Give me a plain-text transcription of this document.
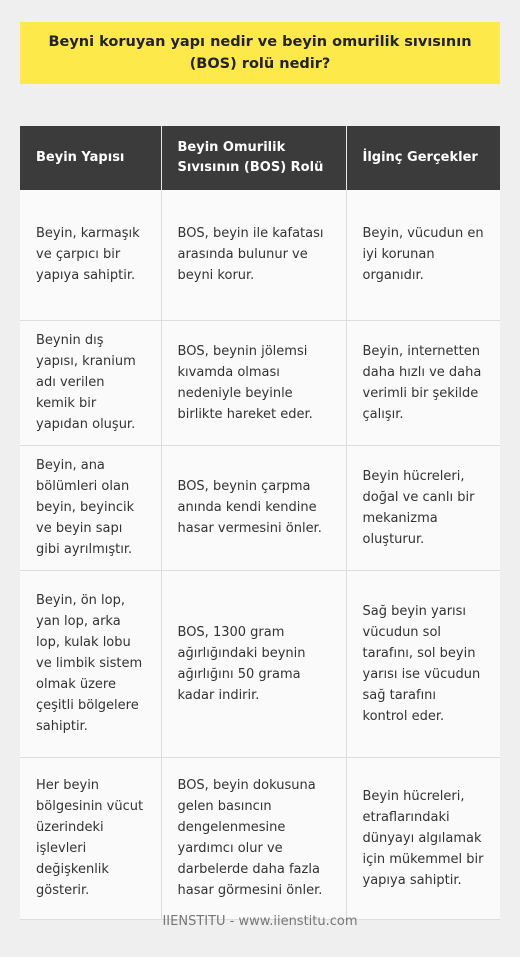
Beyni koruyan yapı nedir ve beyin omurilik sıvısının (BOS) rolü nedir?
Beyin Yapısı	Beyin Omurilik Sıvısının (BOS) Rolü	İlginç Gerçekler
Beyin, karmaşık ve çarpıcı bir yapıya sahiptir.	BOS, beyin ile kafatası arasında bulunur ve beyni korur.	Beyin, vücudun en iyi korunan organıdır.
Beynin dış yapısı, kranium adı verilen kemik bir yapıdan oluşur.	BOS, beynin jölemsi kıvamda olması nedeniyle beyinle birlikte hareket eder.	Beyin, internetten daha hızlı ve daha verimli bir şekilde çalışır.
Beyin, ana bölümleri olan beyin, beyincik ve beyin sapı gibi ayrılmıştır.	BOS, beynin çarpma anında kendi kendine hasar vermesini önler.	Beyin hücreleri, doğal ve canlı bir mekanizma oluşturur.
Beyin, ön lop, yan lop, arka lop, kulak lobu ve limbik sistem olmak üzere çeşitli bölgelere sahiptir.	BOS, 1300 gram ağırlığındaki beynin ağırlığını 50 grama kadar indirir.	Sağ beyin yarısı vücudun sol tarafını, sol beyin yarısı ise vücudun sağ tarafını kontrol eder.
Her beyin bölgesinin vücut üzerindeki işlevleri değişkenlik gösterir.	BOS, beyin dokusuna gelen basıncın dengelenmesine yardımcı olur ve darbelerde daha fazla hasar görmesini önler.	Beyin hücreleri, etraflarındaki dünyayı algılamak için mükemmel bir yapıya sahiptir.
IIENSTITU - www.iienstitu.com
